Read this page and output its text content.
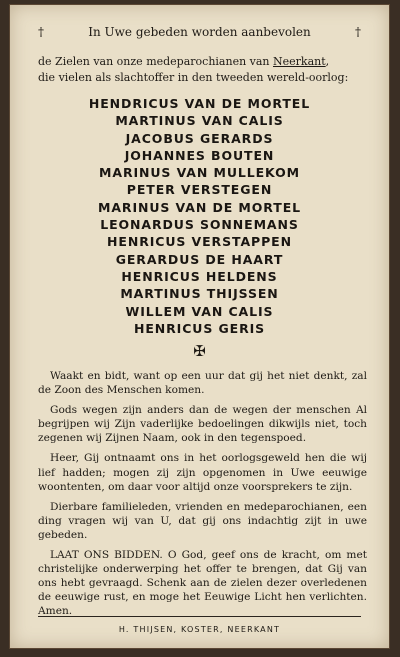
†	In Uwe gebeden worden aanbevolen	†
de Zielen van onze medeparochianen van Neerkant,
die vielen als slachtoffer in den tweeden wereld-oorlog:
HENDRICUS VAN DE MORTEL
MARTINUS VAN CALIS
JACOBUS GERARDS
JOHANNES BOUTEN
MARINUS VAN MULLEKOM
PETER VERSTEGEN
MARINUS VAN DE MORTEL
LEONARDUS SONNEMANS
HENRICUS VERSTAPPEN
GERARDUS DE HAART
HENRICUS HELDENS
MARTINUS THIJSSEN
WILLEM VAN CALIS
HENRICUS GERIS
✠

Waakt en bidt, want op een uur dat gij het niet denkt, zal de Zoon des Menschen komen.

Gods wegen zijn anders dan de wegen der menschen Al begrijpen wij Zijn vaderlijke bedoelingen dikwijls niet, toch zegenen wij Zijnen Naam, ook in den tegenspoed.

Heer, Gij ontnaamt ons in het oorlogsgeweld hen die wij lief hadden; mogen zij zijn opgenomen in Uwe eeuwige woontenten, om daar voor altijd onze voorsprekers te zijn.

Dierbare familieleden, vrienden en medeparochianen, een ding vragen wij van U, dat gij ons indachtig zijt in uwe gebeden.

LAAT ONS BIDDEN. O God, geef ons de kracht, om met christelijke onderwerping het offer te brengen, dat Gij van ons hebt gevraagd. Schenk aan de zielen dezer overledenen de eeuwige rust, en moge het Eeuwige Licht hen verlichten. Amen.

H. THIJSEN, KOSTER, NEERKANT
